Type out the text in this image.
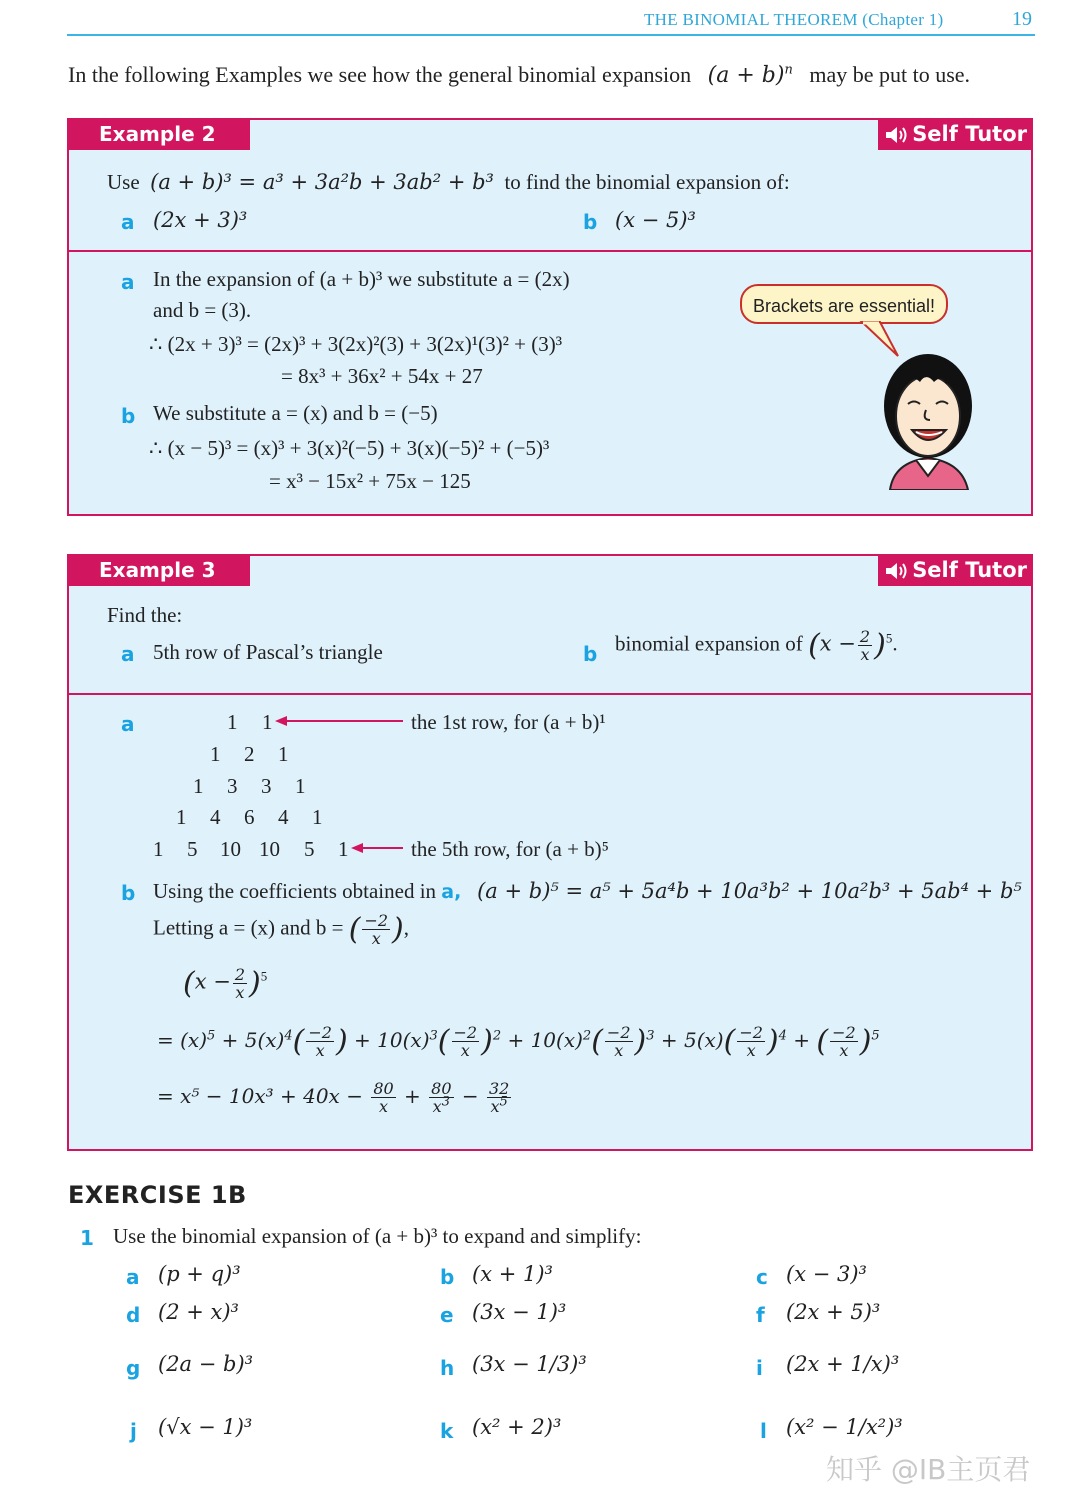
THE BINOMIAL THEOREM (Chapter 1)	19
In the following Examples we see how the general binomial expansion $(a + b)^n$ may be put to use.
Example 2	Self Tutor
Use (a + b)³ = a³ + 3a²b + 3ab² + b³ to find the binomial expansion of:
a (2x + 3)³	b (x − 5)³
a In the expansion of (a + b)³ we substitute a = (2x)
and b = (3).
∴ (2x + 3)³ = (2x)³ + 3(2x)²(3) + 3(2x)¹(3)² + (3)³
= 8x³ + 36x² + 54x + 27
b We substitute a = (x) and b = (−5)
∴ (x − 5)³ = (x)³ + 3(x)²(−5) + 3(x)(−5)² + (−5)³
= x³ − 15x² + 75x − 125
Brackets are essential!
Example 3	Self Tutor
Find the:
a 5th row of Pascal’s triangle	b binomial expansion of $(x - \frac{2}{x} )^5$.
a	1 1
1 2 1
1 3 3 1
1 4 6 4 1
1 5 10 10 5 1
the 1st row, for (a + b)¹
the 5th row, for (a + b)⁵
b Using the coefficients obtained in a, (a + b)⁵ = a⁵ + 5a⁴b + 10a³b² + 10a²b³ + 5ab⁴ + b⁵
Letting a = (x) and b = ( $\frac{-2}{x}$ ),
$(x - \frac{2}{x} )^5$
= $(x)^5 + 5(x)^4( \frac{-2}{x}$ ) + $10(x)^3( \frac{-2}{x} )^2 + 10(x)^2( \frac{-2}{x} )^3 + 5(x)( \frac{-2}{x} )^4$ + ( $\frac{-2}{x} )^5$
= $x^5 - 10x^3 + 40x - \frac{80}{x} + \frac{80}{x^3} - \frac{32}{x^5}$
EXERCISE 1B
1 Use the binomial expansion of (a + b)³ to expand and simplify:
a (p + q)³	b (x + 1)³	c (x − 3)³
d (2 + x)³	e (3x − 1)³	f (2x + 5)³
g (2a − b)³	h (3x − 1/3)³	i (2x + 1/x)³
j (√x − 1)³	k (x² + 2)³	l (x² − 1/x²)³
知乎 @IB主页君
